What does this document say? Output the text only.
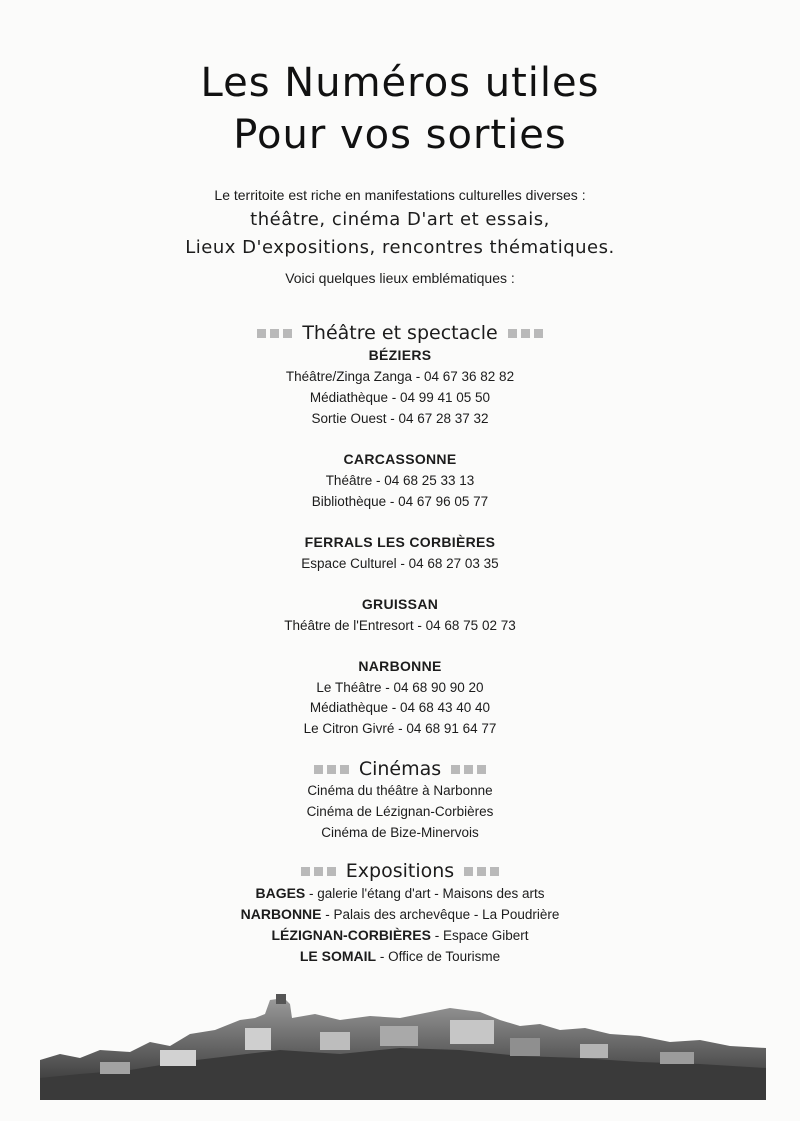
Les Numéros utiles
Pour vos sorties
Le territoite est riche en manifestations culturelles diverses :
théâtre, cinéma D'art et essais,
Lieux D'expositions, rencontres thématiques.
Voici quelques lieux emblématiques :
Théâtre et spectacle
BÉZIERS
Théâtre/Zinga Zanga - 04 67 36 82 82
Médiathèque - 04 99 41 05 50
Sortie Ouest - 04 67 28 37 32
CARCASSONNE
Théâtre - 04 68 25 33 13
Bibliothèque - 04 67 96 05 77
FERRALS LES CORBIÈRES
Espace Culturel - 04 68 27 03 35
GRUISSAN
Théâtre de l'Entresort - 04 68 75 02 73
NARBONNE
Le Théâtre - 04 68 90 90 20
Médiathèque - 04 68 43 40 40
Le Citron Givré - 04 68 91 64 77
Cinémas
Cinéma du théâtre à Narbonne
Cinéma de Lézignan-Corbières
Cinéma de Bize-Minervois
Expositions
BAGES - galerie l'étang d'art - Maisons des arts
NARBONNE - Palais des archevêque - La Poudrière
LÉZIGNAN-CORBIÈRES - Espace Gibert
LE SOMAIL - Office de Tourisme
